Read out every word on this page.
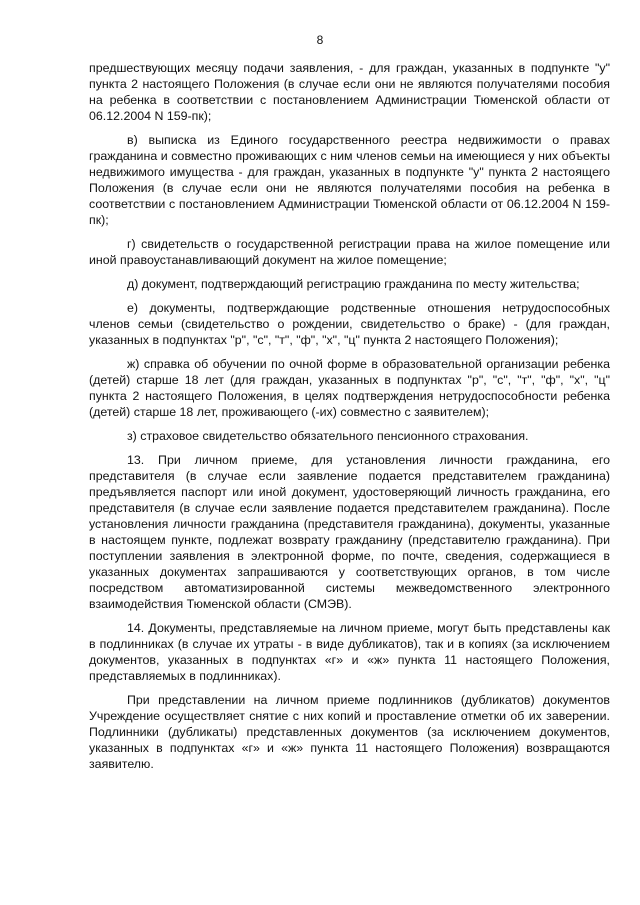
8

предшествующих месяцу подачи заявления, - для граждан, указанных в подпункте "у" пункта 2 настоящего Положения (в случае если они не являются получателями пособия на ребенка в соответствии с постановлением Администрации Тюменской области от 06.12.2004 N 159-пк);

в) выписка из Единого государственного реестра недвижимости о правах гражданина и совместно проживающих с ним членов семьи на имеющиеся у них объекты недвижимого имущества - для граждан, указанных в подпункте "у" пункта 2 настоящего Положения (в случае если они не являются получателями пособия на ребенка в соответствии с постановлением Администрации Тюменской области от 06.12.2004 N 159-пк);

г) свидетельств о государственной регистрации права на жилое помещение или иной правоустанавливающий документ на жилое помещение;

д) документ, подтверждающий регистрацию гражданина по месту жительства;

е) документы, подтверждающие родственные отношения нетрудоспособных членов семьи (свидетельство о рождении, свидетельство о браке) - (для граждан, указанных в подпунктах "р", "с", "т", "ф", "х", "ц" пункта 2 настоящего Положения);

ж) справка об обучении по очной форме в образовательной организации ребенка (детей) старше 18 лет (для граждан, указанных в подпунктах "р", "с", "т", "ф", "х", "ц" пункта 2 настоящего Положения, в целях подтверждения нетрудоспособности ребенка (детей) старше 18 лет, проживающего (-их) совместно с заявителем);

з) страховое свидетельство обязательного пенсионного страхования.

13. При личном приеме, для установления личности гражданина, его представителя (в случае если заявление подается представителем гражданина) предъявляется паспорт или иной документ, удостоверяющий личность гражданина, его представителя (в случае если заявление подается представителем гражданина). После установления личности гражданина (представителя гражданина), документы, указанные в настоящем пункте, подлежат возврату гражданину (представителю гражданина). При поступлении заявления в электронной форме, по почте, сведения, содержащиеся в указанных документах запрашиваются у соответствующих органов, в том числе посредством автоматизированной системы межведомственного электронного взаимодействия Тюменской области (СМЭВ).

14. Документы, представляемые на личном приеме, могут быть представлены как в подлинниках (в случае их утраты - в виде дубликатов), так и в копиях (за исключением документов, указанных в подпунктах «г» и «ж» пункта 11 настоящего Положения, представляемых в подлинниках).

При представлении на личном приеме подлинников (дубликатов) документов Учреждение осуществляет снятие с них копий и проставление отметки об их заверении. Подлинники (дубликаты) представленных документов (за исключением документов, указанных в подпунктах «г» и «ж» пункта 11 настоящего Положения) возвращаются заявителю.
